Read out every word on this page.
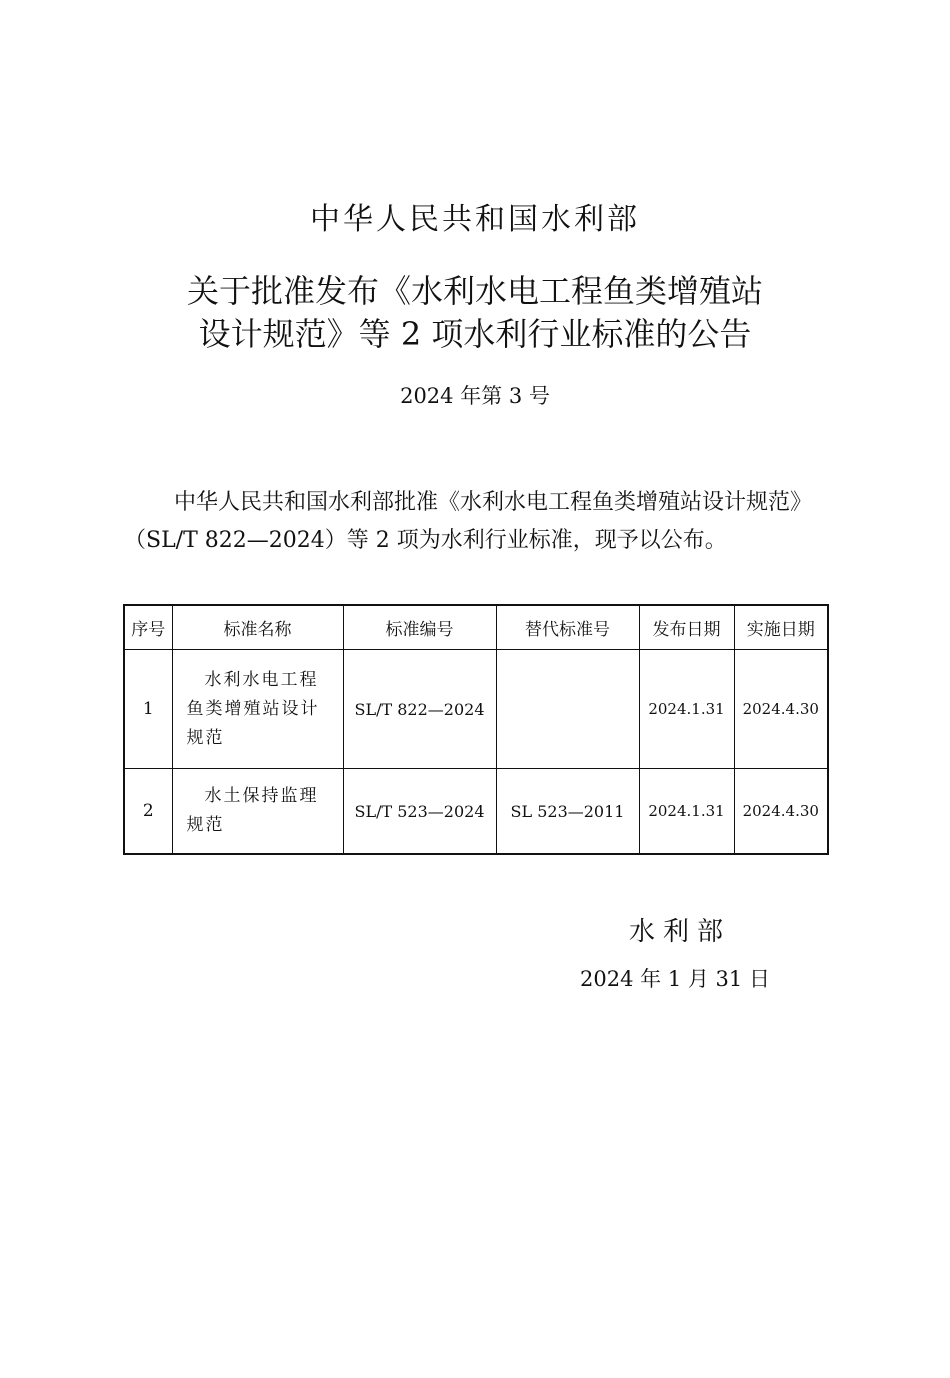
中华人民共和国水利部
关于批准发布《水利水电工程鱼类增殖站
设计规范》等 2 项水利行业标准的公告
2024 年第 3 号

中华人民共和国水利部批准《水利水电工程鱼类增殖站设计规范》（SL/T 822—2024）等 2 项为水利行业标准，现予以公布。

序号	标准名称	标准编号	替代标准号	发布日期	实施日期
1	水利水电工程鱼类增殖站设计规范	SL/T 822—2024		2024.1.31	2024.4.30
2	水土保持监理规范	SL/T 523—2024	SL 523—2011	2024.1.31	2024.4.30
水利部
2024 年 1 月 31 日
